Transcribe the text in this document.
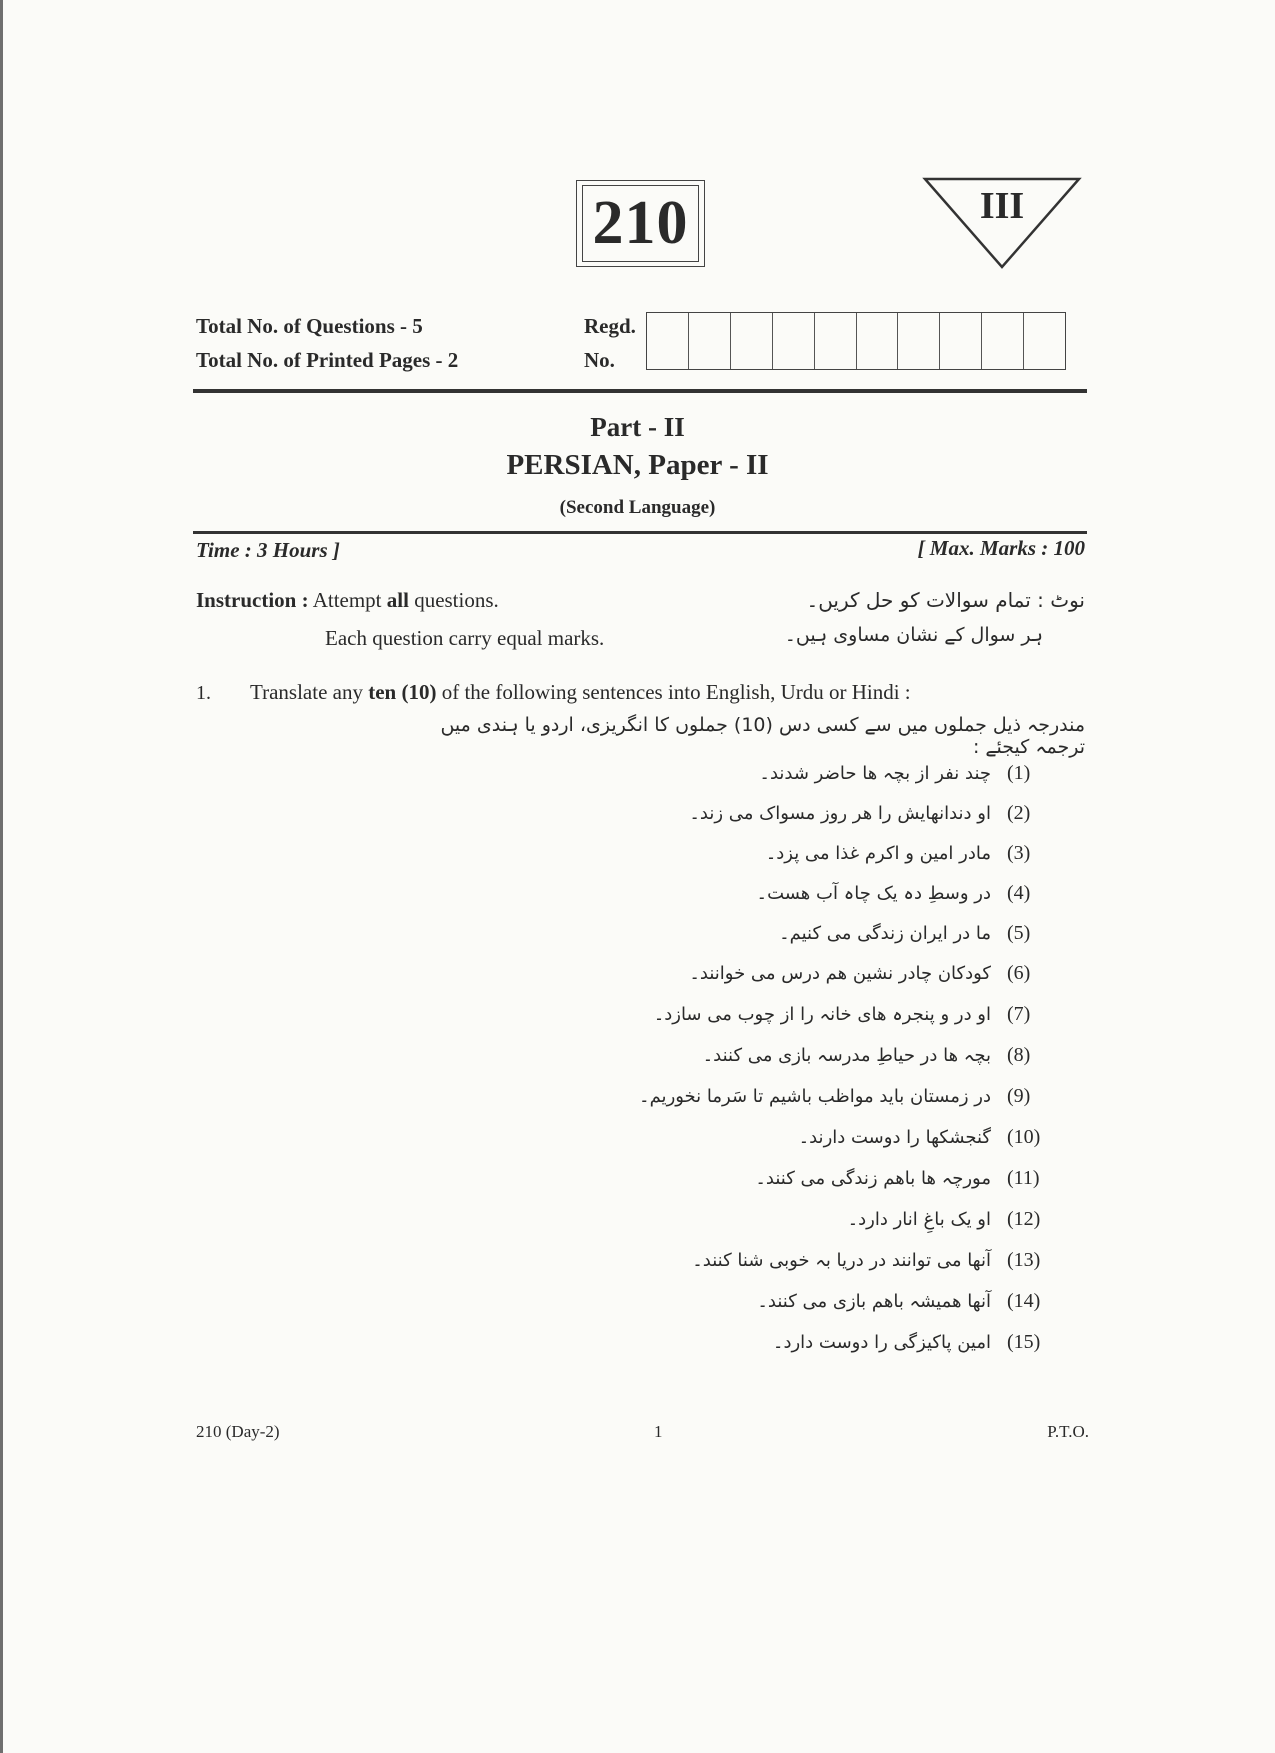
210	III
Total No. of Questions - 5
Total No. of Printed Pages - 2
Regd.
No.
Part - II
PERSIAN, Paper - II
(Second Language)
Time : 3 Hours ]	[ Max. Marks : 100
Instruction : Attempt all questions.
Each question carry equal marks.
نوٹ : تمام سوالات کو حل کریں۔
ہر سوال کے نشان مساوی ہیں۔
1. Translate any ten (10) of the following sentences into English, Urdu or Hindi :
مندرجہ ذیل جملوں میں سے کسی دس (10) جملوں کا انگریزی، اردو یا ہندی میں ترجمہ کیجئے :
(1)
چند نفر از بچہ ھا حاضر شدند۔
(2)
او دندانھایش را ھر روز مسواک می زند۔
(3)
مادر امین و اکرم غذا می پزد۔
(4)
در وسطِ دہ یک چاہ آب ھست۔
(5)
ما در ایران زندگی می کنیم۔
(6)
کودکان چادر نشین ھم درس می خوانند۔
(7)
او در و پنجرہ ھای خانہ را از چوب می سازد۔
(8)
بچہ ھا در حیاطِ مدرسہ بازی می کنند۔
(9)
در زمستان باید مواظب باشیم تا سَرما نخوریم۔
(10)
گنجشکھا را دوست دارند۔
(11)
مورچہ ھا باھم زندگی می کنند۔
(12)
او یک باغِ انار دارد۔
(13)
آنھا می توانند در دریا بہ خوبی شنا کنند۔
(14)
آنھا ھمیشہ باھم بازی می کنند۔
(15)
امین پاکیزگی را دوست دارد۔
210 (Day-2)	1	P.T.O.
